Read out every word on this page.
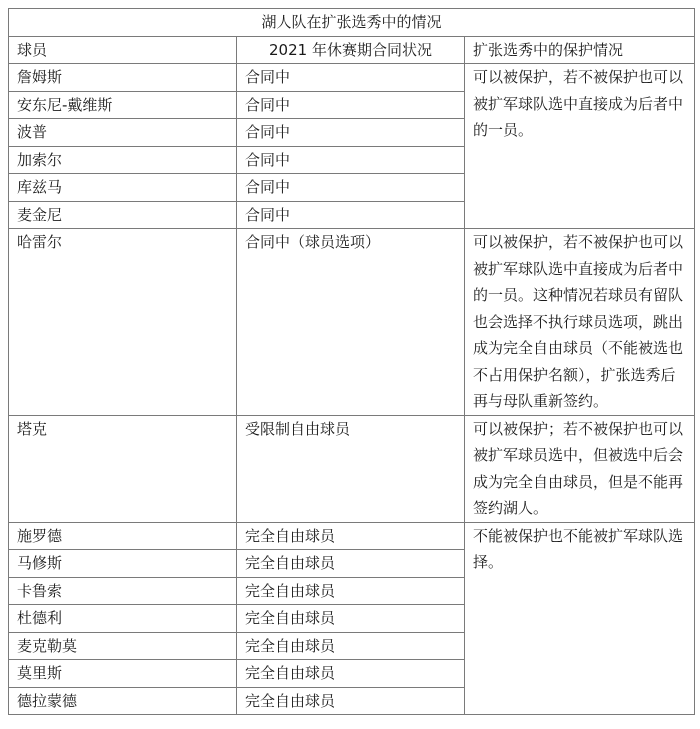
湖人队在扩张选秀中的情况		
球员	2021 年休赛期合同状况	扩张选秀中的保护情况
詹姆斯	合同中	可以被保护，若不被保护也可以被扩军球队选中直接成为后者中的一员。
安东尼-戴维斯	合同中	
波普	合同中	
加索尔	合同中	
库兹马	合同中	
麦金尼	合同中	
哈雷尔	合同中（球员选项）	可以被保护，若不被保护也可以被扩军球队选中直接成为后者中的一员。这种情况若球员有留队也会选择不执行球员选项，跳出成为完全自由球员（不能被选也不占用保护名额），扩张选秀后再与母队重新签约。
塔克	受限制自由球员	可以被保护；若不被保护也可以被扩军球员选中，但被选中后会成为完全自由球员，但是不能再签约湖人。
施罗德	完全自由球员	不能被保护也不能被扩军球队选择。
马修斯	完全自由球员	
卡鲁索	完全自由球员	
杜德利	完全自由球员	
麦克勒莫	完全自由球员	
莫里斯	完全自由球员	
德拉蒙德	完全自由球员	
